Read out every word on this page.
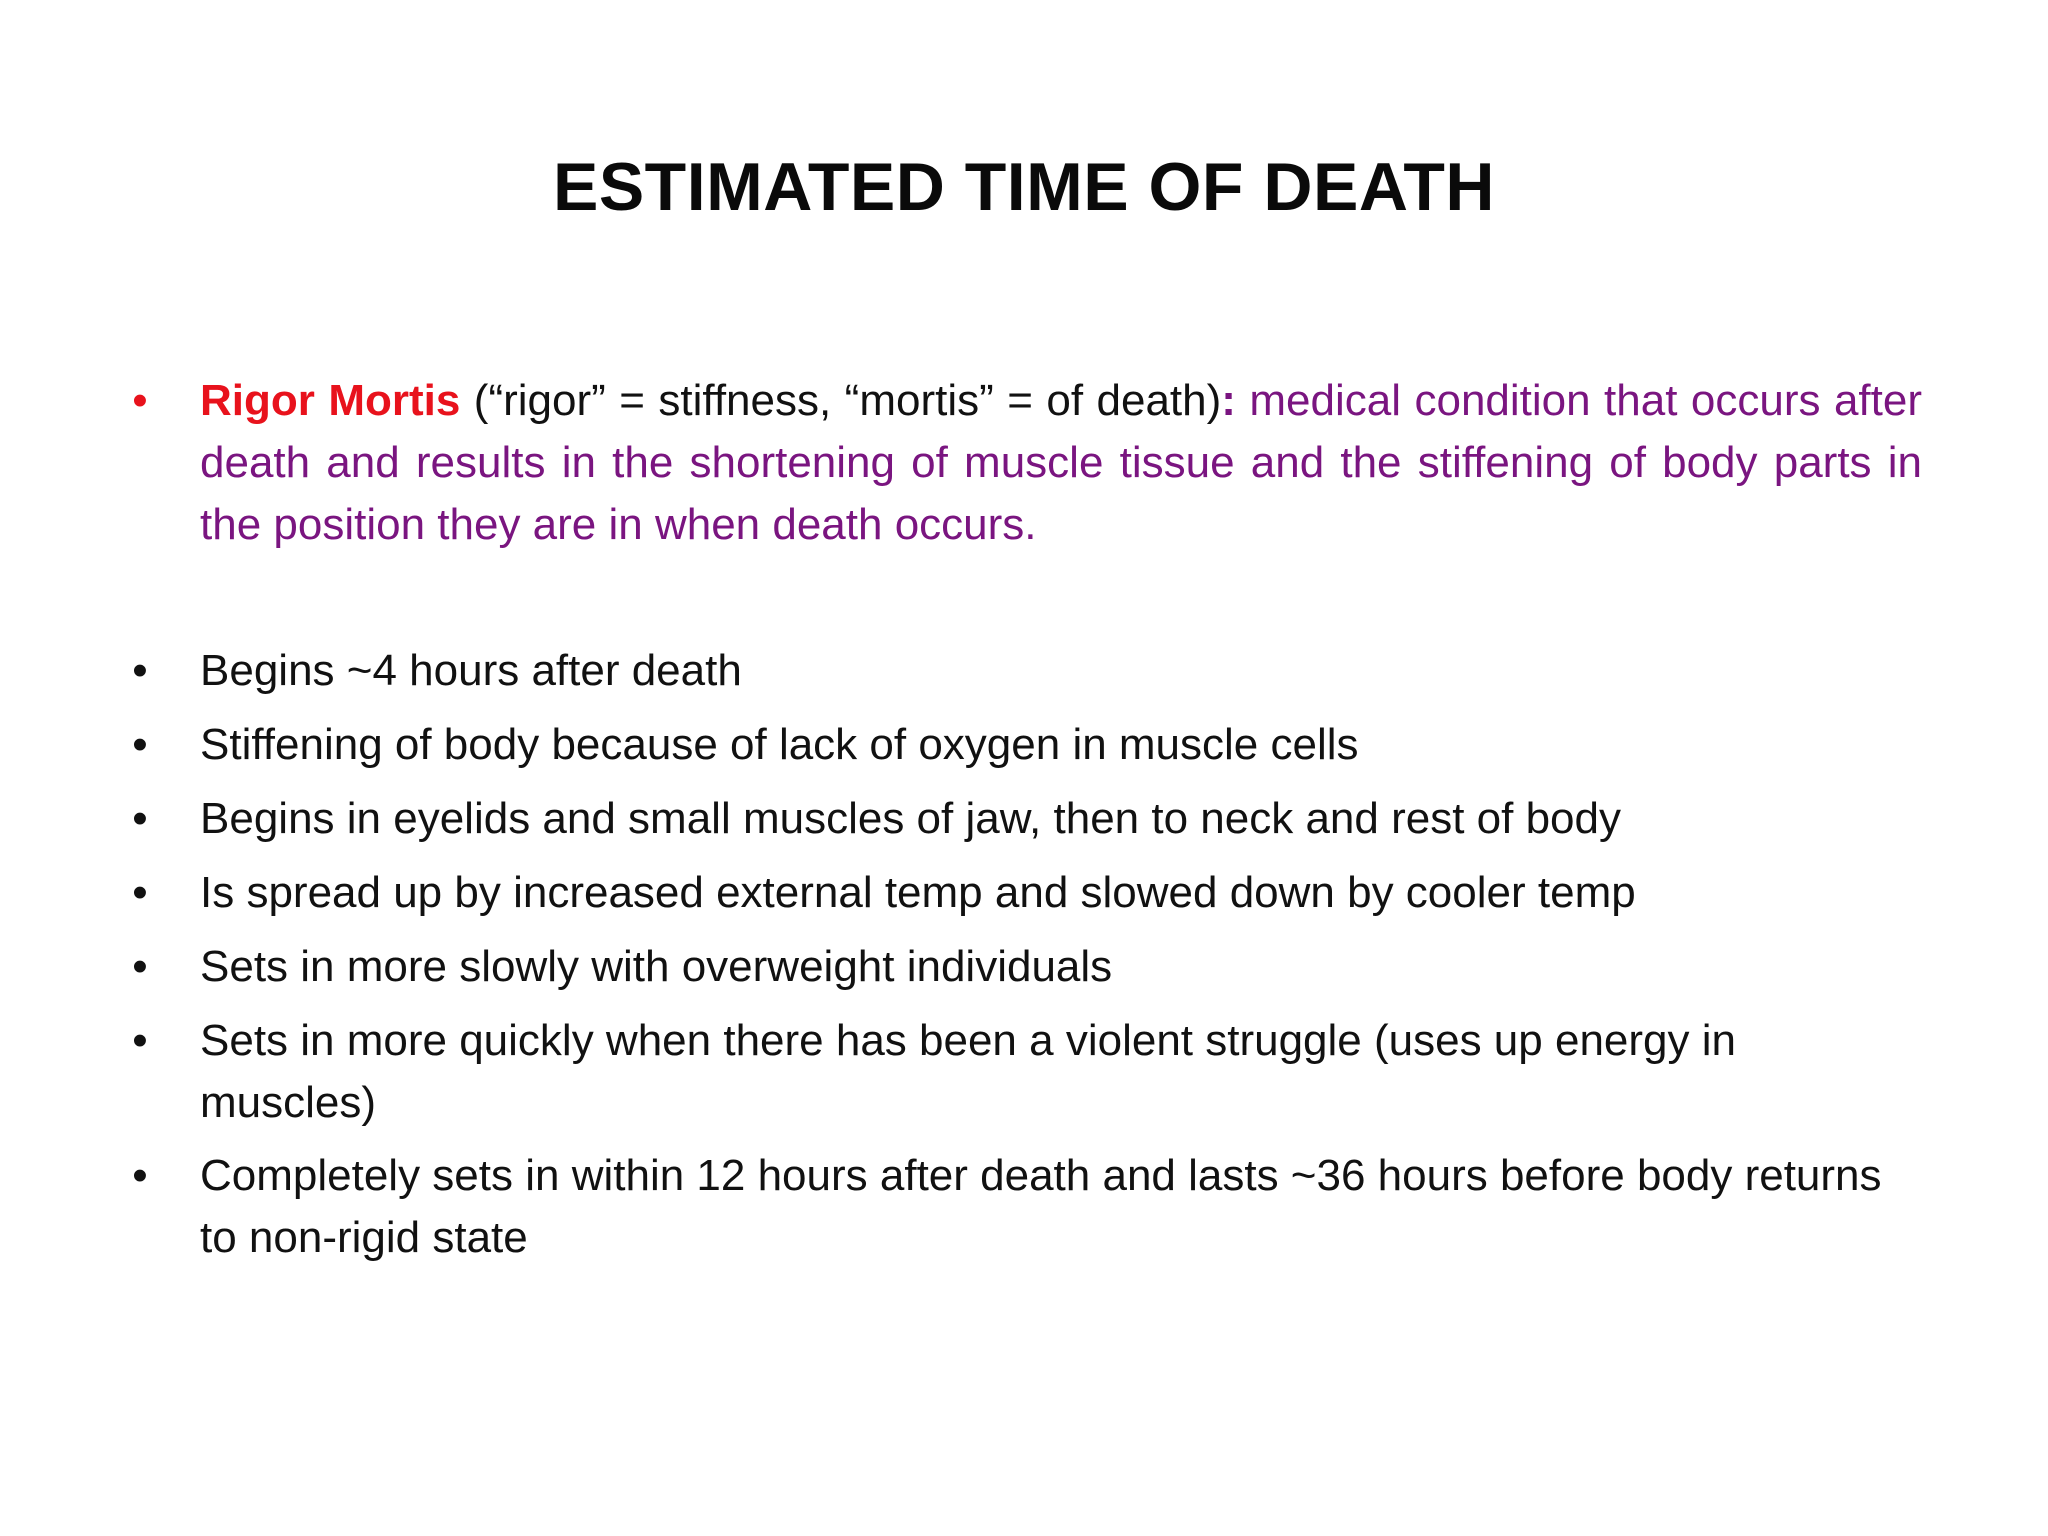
ESTIMATED TIME OF DEATH
• Rigor Mortis (“rigor” = stiffness, “mortis” = of death): medical condition that occurs after death and results in the shortening of muscle tissue and the stiffening of body parts in the position they are in when death occurs.
• Begins ~4 hours after death
• Stiffening of body because of lack of oxygen in muscle cells
• Begins in eyelids and small muscles of jaw, then to neck and rest of body
• Is spread up by increased external temp and slowed down by cooler temp
• Sets in more slowly with overweight individuals
• Sets in more quickly when there has been a violent struggle (uses up energy in muscles)
• Completely sets in within 12 hours after death and lasts ~36 hours before body returns to non-rigid state
